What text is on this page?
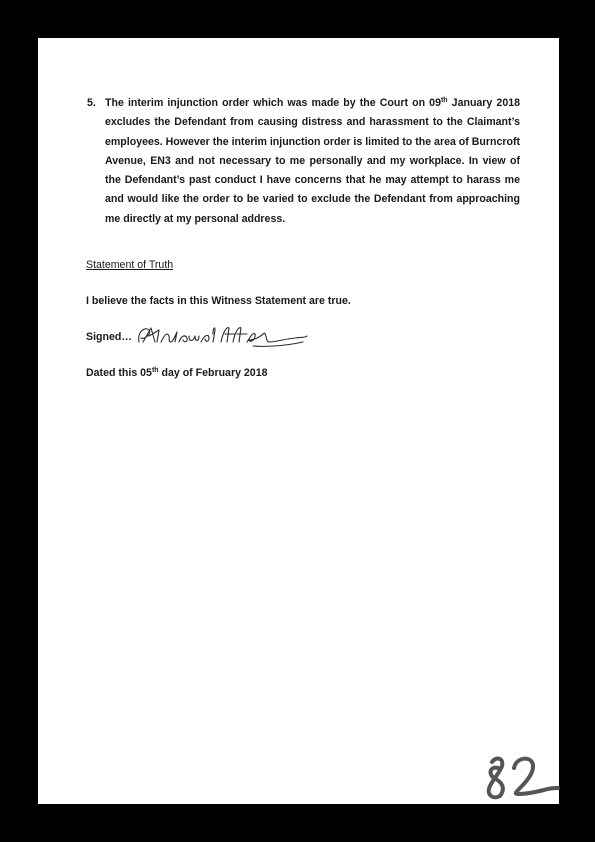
5. The interim injunction order which was made by the Court on 09th January 2018 excludes the Defendant from causing distress and harassment to the Claimant’s employees. However the interim injunction order is limited to the area of Burncroft Avenue, EN3 and not necessary to me personally and my workplace. In view of the Defendant’s past conduct I have concerns that he may attempt to harass me and would like the order to be varied to exclude the Defendant from approaching me directly at my personal address.
Statement of Truth
I believe the facts in this Witness Statement are true.
Signed…
Dated this 05th day of February 2018
